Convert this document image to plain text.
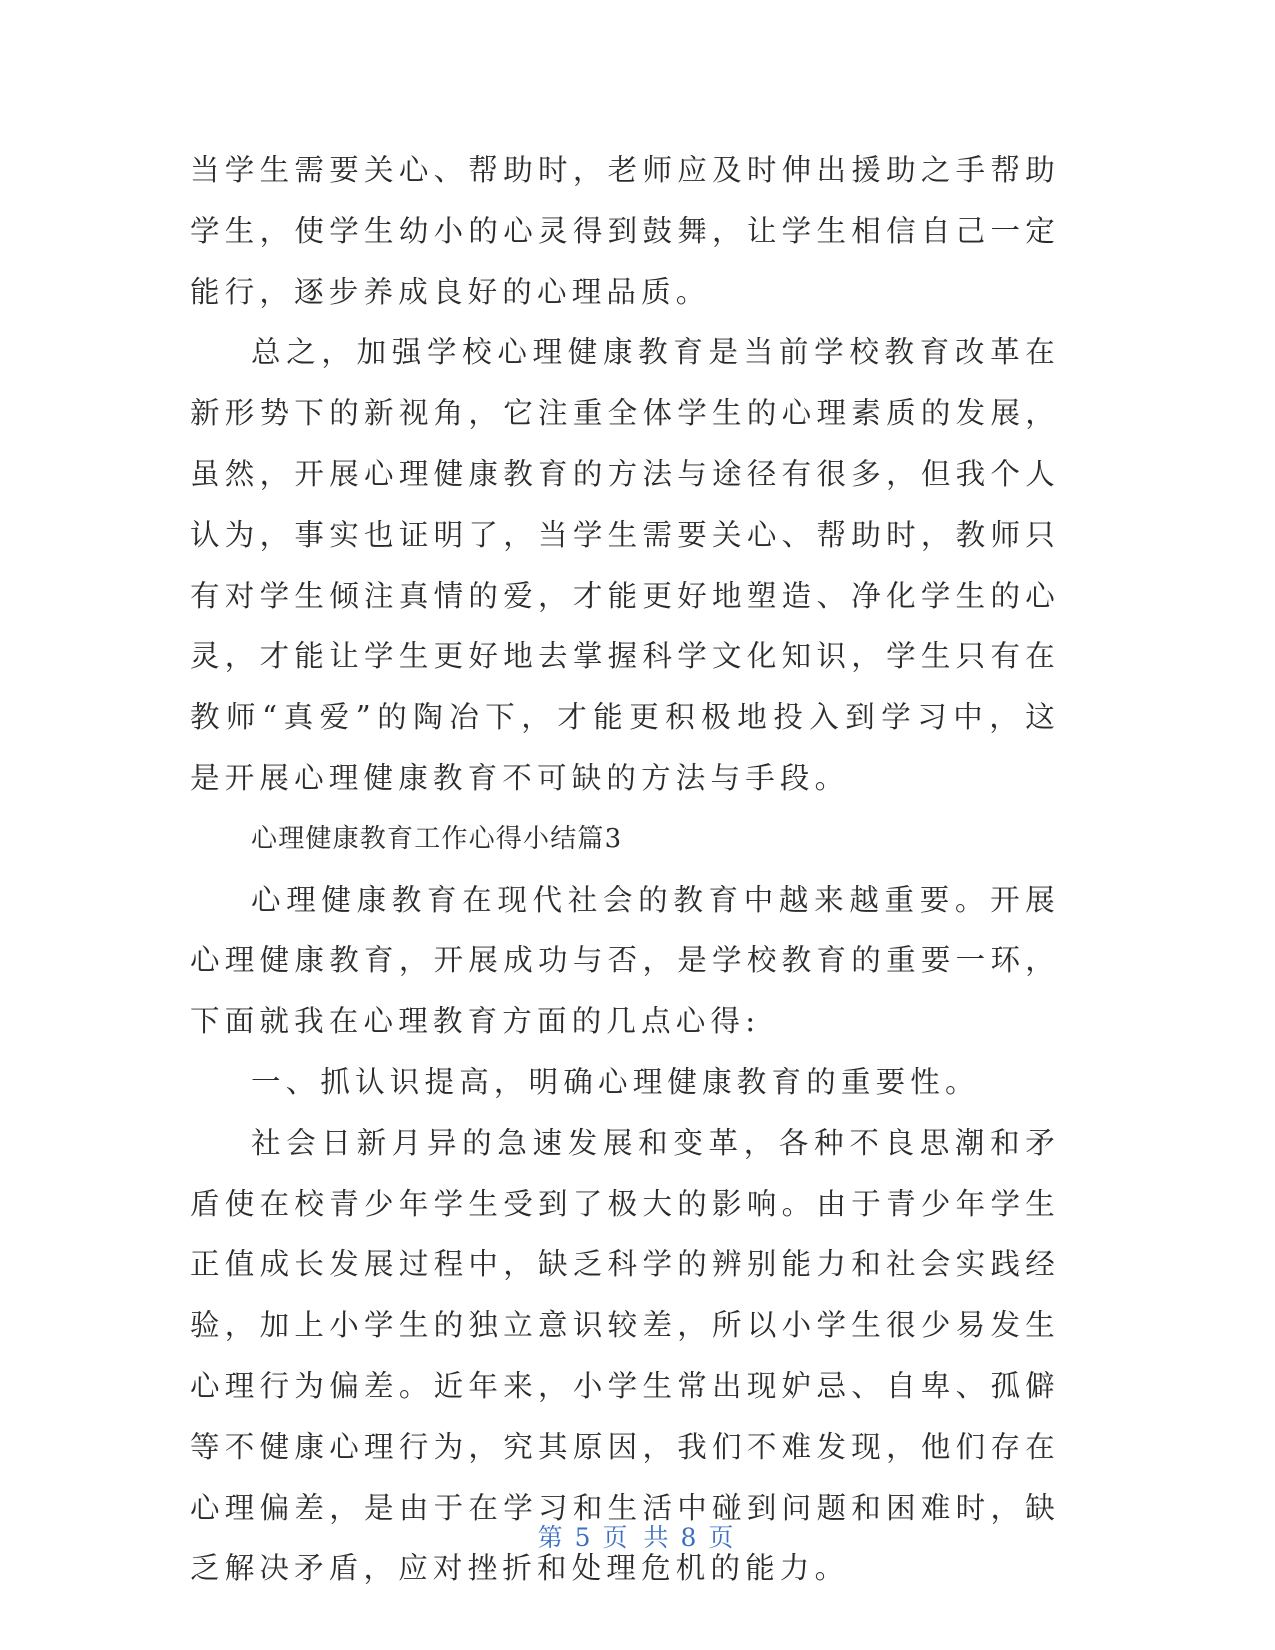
当学生需要关心、帮助时，老师应及时伸出援助之手帮助学生，使学生幼小的心灵得到鼓舞，让学生相信自己一定能行，逐步养成良好的心理品质。

总之，加强学校心理健康教育是当前学校教育改革在新形势下的新视角，它注重全体学生的心理素质的发展，虽然，开展心理健康教育的方法与途径有很多，但我个人认为，事实也证明了，当学生需要关心、帮助时，教师只有对学生倾注真情的爱，才能更好地塑造、净化学生的心灵，才能让学生更好地去掌握科学文化知识，学生只有在教师“真爱”的陶冶下，才能更积极地投入到学习中，这是开展心理健康教育不可缺的方法与手段。

心理健康教育工作心得小结篇3

心理健康教育在现代社会的教育中越来越重要。开展心理健康教育，开展成功与否，是学校教育的重要一环，下面就我在心理教育方面的几点心得:

一、抓认识提高，明确心理健康教育的重要性。

社会日新月异的急速发展和变革，各种不良思潮和矛盾使在校青少年学生受到了极大的影响。由于青少年学生正值成长发展过程中，缺乏科学的辨别能力和社会实践经验，加上小学生的独立意识较差，所以小学生很少易发生心理行为偏差。近年来，小学生常出现妒忌、自卑、孤僻等不健康心理行为，究其原因，我们不难发现，他们存在心理偏差，是由于在学习和生活中碰到问题和困难时，缺乏解决矛盾，应对挫折和处理危机的能力。

第 5 页 共 8 页
